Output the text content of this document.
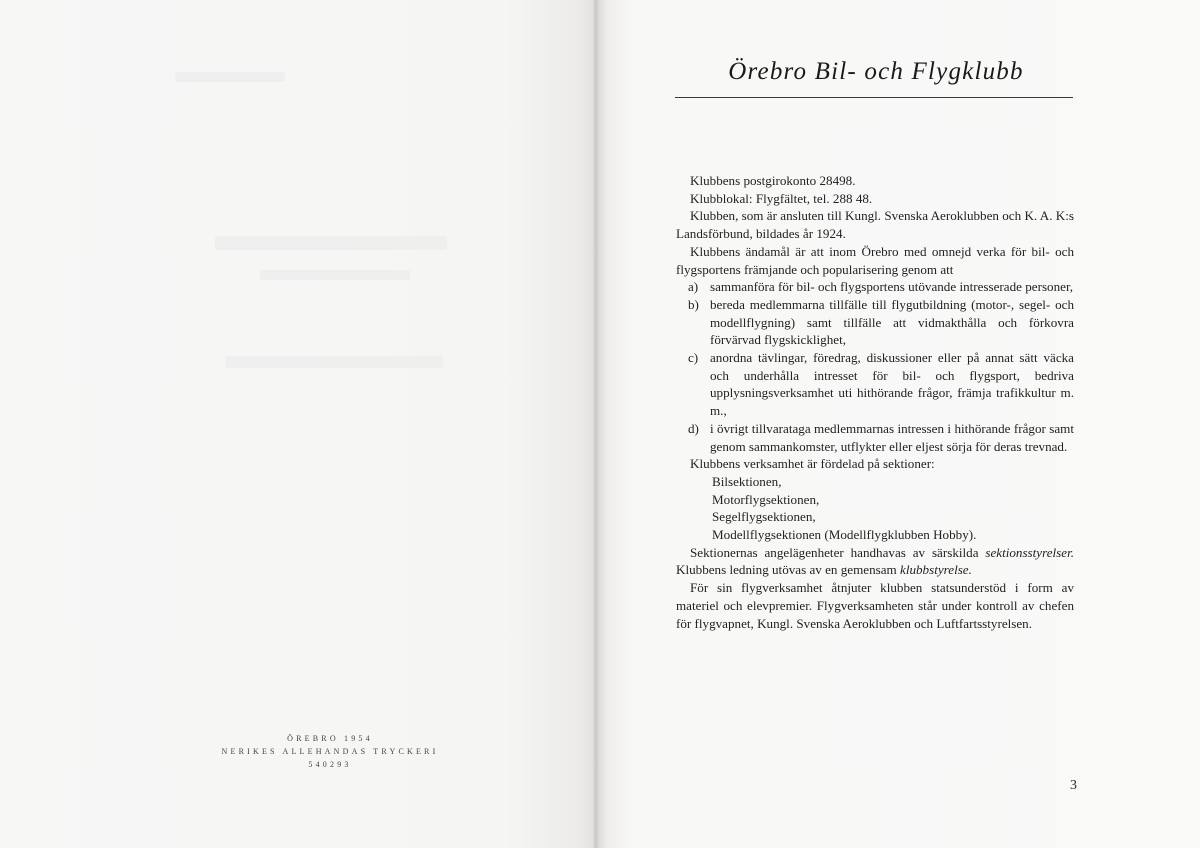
ÖREBRO 1954
NERIKES ALLEHANDAS TRYCKERI
540293
Örebro Bil- och Flygklubb

Klubbens postgirokonto 28498.

Klubblokal: Flygfältet, tel. 288 48.

Klubben, som är ansluten till Kungl. Svenska Aeroklubben och K. A. K:s Landsförbund, bildades år 1924.

Klubbens ändamål är att inom Örebro med omnejd verka för bil- och flygsportens främjande och popularisering genom att

a) sammanföra för bil- och flygsportens utövande intresserade personer,
b) bereda medlemmarna tillfälle till flygutbildning (motor-, segel- och modellflygning) samt tillfälle att vidmakthålla och förkovra förvärvad flygskicklighet,
c) anordna tävlingar, föredrag, diskussioner eller på annat sätt väcka och underhålla intresset för bil- och flygsport, bedriva upplysningsverksamhet uti hithörande frågor, främja trafikkultur m. m.,
d) i övrigt tillvarataga medlemmarnas intressen i hithörande frågor samt genom sammankomster, utflykter eller eljest sörja för deras trevnad.

Klubbens verksamhet är fördelad på sektioner:

Bilsektionen,
Motorflygsektionen,
Segelflygsektionen,
Modellflygsektionen (Modellflygklubben Hobby).

Sektionernas angelägenheter handhavas av särskilda sektionsstyrelser. Klubbens ledning utövas av en gemensam klubbstyrelse.

För sin flygverksamhet åtnjuter klubben statsunderstöd i form av materiel och elevpremier. Flygverksamheten står under kontroll av chefen för flygvapnet, Kungl. Svenska Aeroklubben och Luftfartsstyrelsen.

3
